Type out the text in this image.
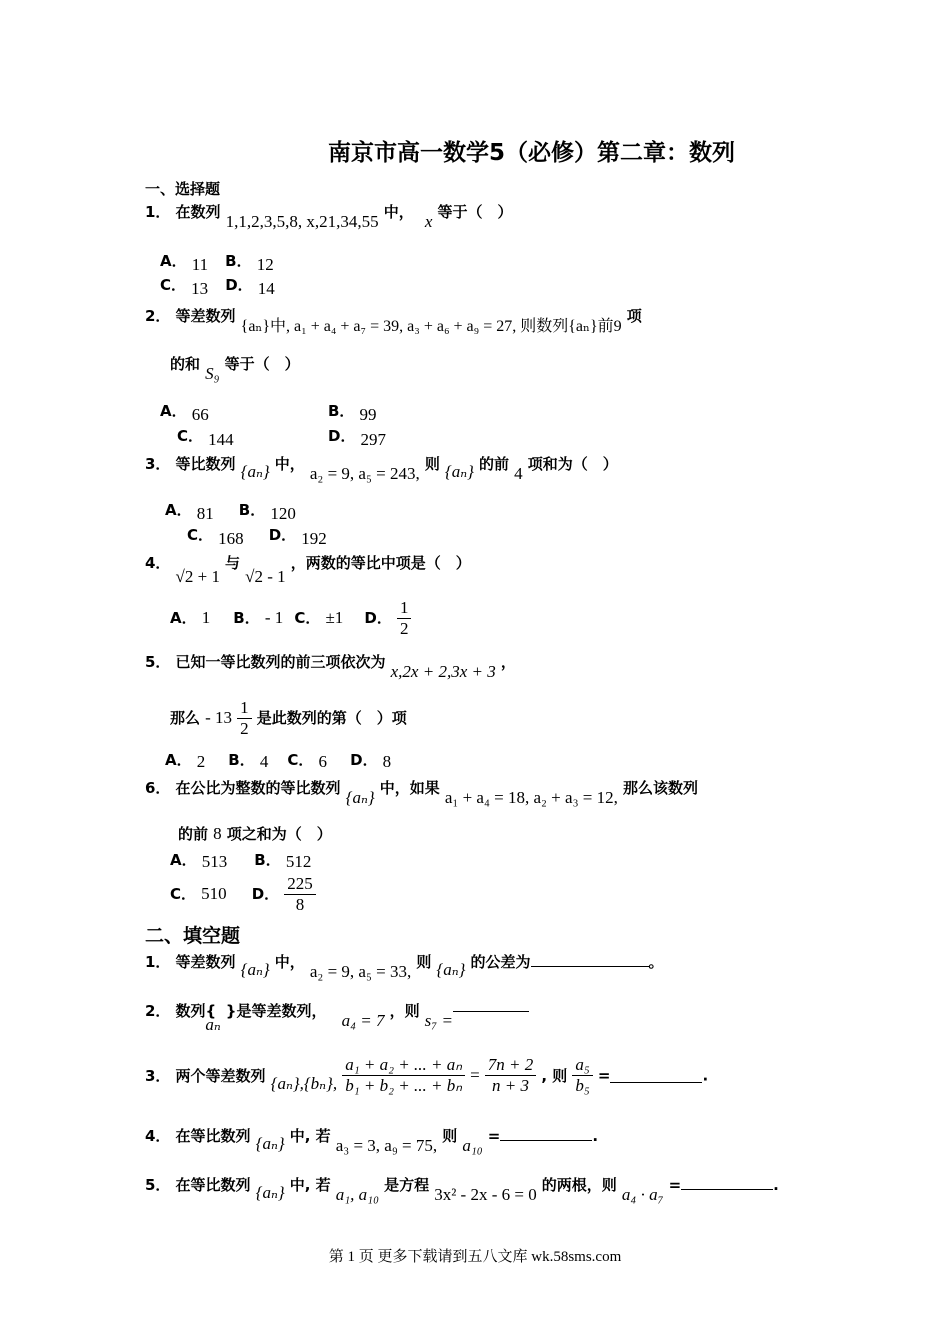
南京市高一数学5（必修）第二章：数列
一、选择题
1． 在数列 1,1,2,3,5,8, x,21,34,55 中， x 等于（　）
A． 11 B． 12
C． 13 D． 14
2． 等差数列 {aₙ}中, a₁ + a₄ + a₇ = 39, a₃ + a₆ + a₉ = 27, 则数列{aₙ}前9 项
的和 S₉ 等于（　）
A． 66	B． 99
C． 144	D． 297
3． 等比数列 {aₙ} 中， a₂ = 9, a₅ = 243, 则 {aₙ} 的前 4 项和为（　）
A． 81 B． 120
C． 168 D． 192
4． √2 + 1 与 √2 - 1 ，两数的等比中项是（　）
A． 1 B． - 1 C． ±1 D． $\frac{1}{2}$
5． 已知一等比数列的前三项依次为 x,2x + 2,3x + 3 ，
那么 - $13 \frac{1}{2}$ 是此数列的第（　）项
A． 2 B． 4 C． 6 D． 8
6． 在公比为整数的等比数列 {aₙ} 中，如果 a₁ + a₄ = 18, a₂ + a₃ = 12, 那么该数列
的前 8 项之和为（　）
A． 513 B． 512
C． 510 D． $\frac{225}{8}$
二、填空题
1． 等差数列 {aₙ} 中， a₂ = 9, a₅ = 33, 则 {aₙ} 的公差为	。
2． 数列{ aₙ }是等差数列， a₄ = 7 ，则 s₇ =
3． 两个等差数列 {aₙ},{bₙ}, $\frac{\text{a₁ + a₂ + ... + aₙ}}{\text{b₁ + b₂ + ... + bₙ}} = \frac{7n + 2}{n + 3}$ , 则 $\frac{\text{a₅}}{\text{b₅}}$ =	.
4． 在等比数列 {aₙ} 中, 若 a₃ = 3, a₉ = 75, 则 a₁₀ =	.
5． 在等比数列 {aₙ} 中, 若 a₁, a₁₀ 是方程 3x² - 2x - 6 = 0 的两根，则 a₄ · a₇ =	.
第 1 页 更多下载请到五八文库 wk.58sms.com
